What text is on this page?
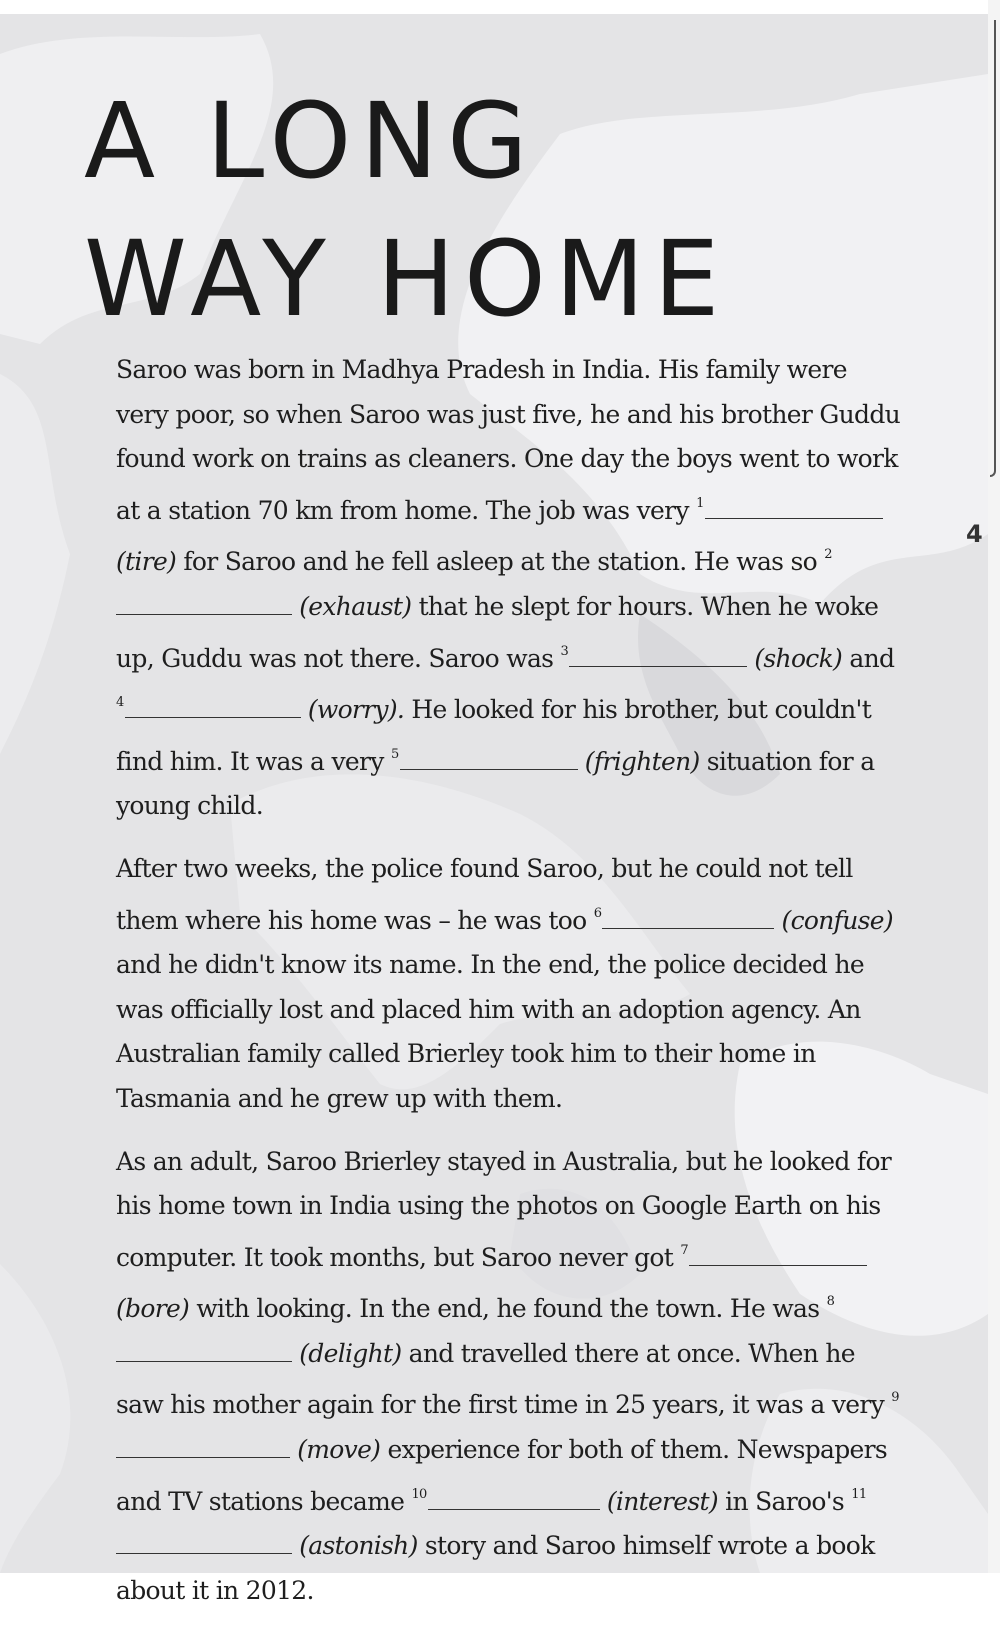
A LONG
WAY HOME

Saroo was born in Madhya Pradesh in India. His family were very poor, so when Saroo was just five, he and his brother Guddu found work on trains as cleaners. One day the boys went to work at a station 70 km from home. The job was very $^1$ (tire) for Saroo and he fell asleep at the station. He was so $^2$ (exhaust) that he slept for hours. When he woke up, Guddu was not there. Saroo was $^3$	(shock) and $^4$	(worry). He looked for his brother, but couldn't find him. It was a very $^5$	(frighten) situation for a young child.

After two weeks, the police found Saroo, but he could not tell them where his home was – he was too $^6$	(confuse) and he didn't know its name. In the end, the police decided he was officially lost and placed him with an adoption agency. An Australian family called Brierley took him to their home in Tasmania and he grew up with them.

As an adult, Saroo Brierley stayed in Australia, but he looked for his home town in India using the photos on Google Earth on his computer. It took months, but Saroo never got $^7$ (bore) with looking. In the end, he found the town. He was $^8$ (delight) and travelled there at once. When he saw his mother again for the first time in 25 years, it was a very $^9$ (move) experience for both of them. Newspapers and TV stations became $^{10}$	(interest) in Saroo's $^{11}$ (astonish) story and Saroo himself wrote a book about it in 2012.

4
